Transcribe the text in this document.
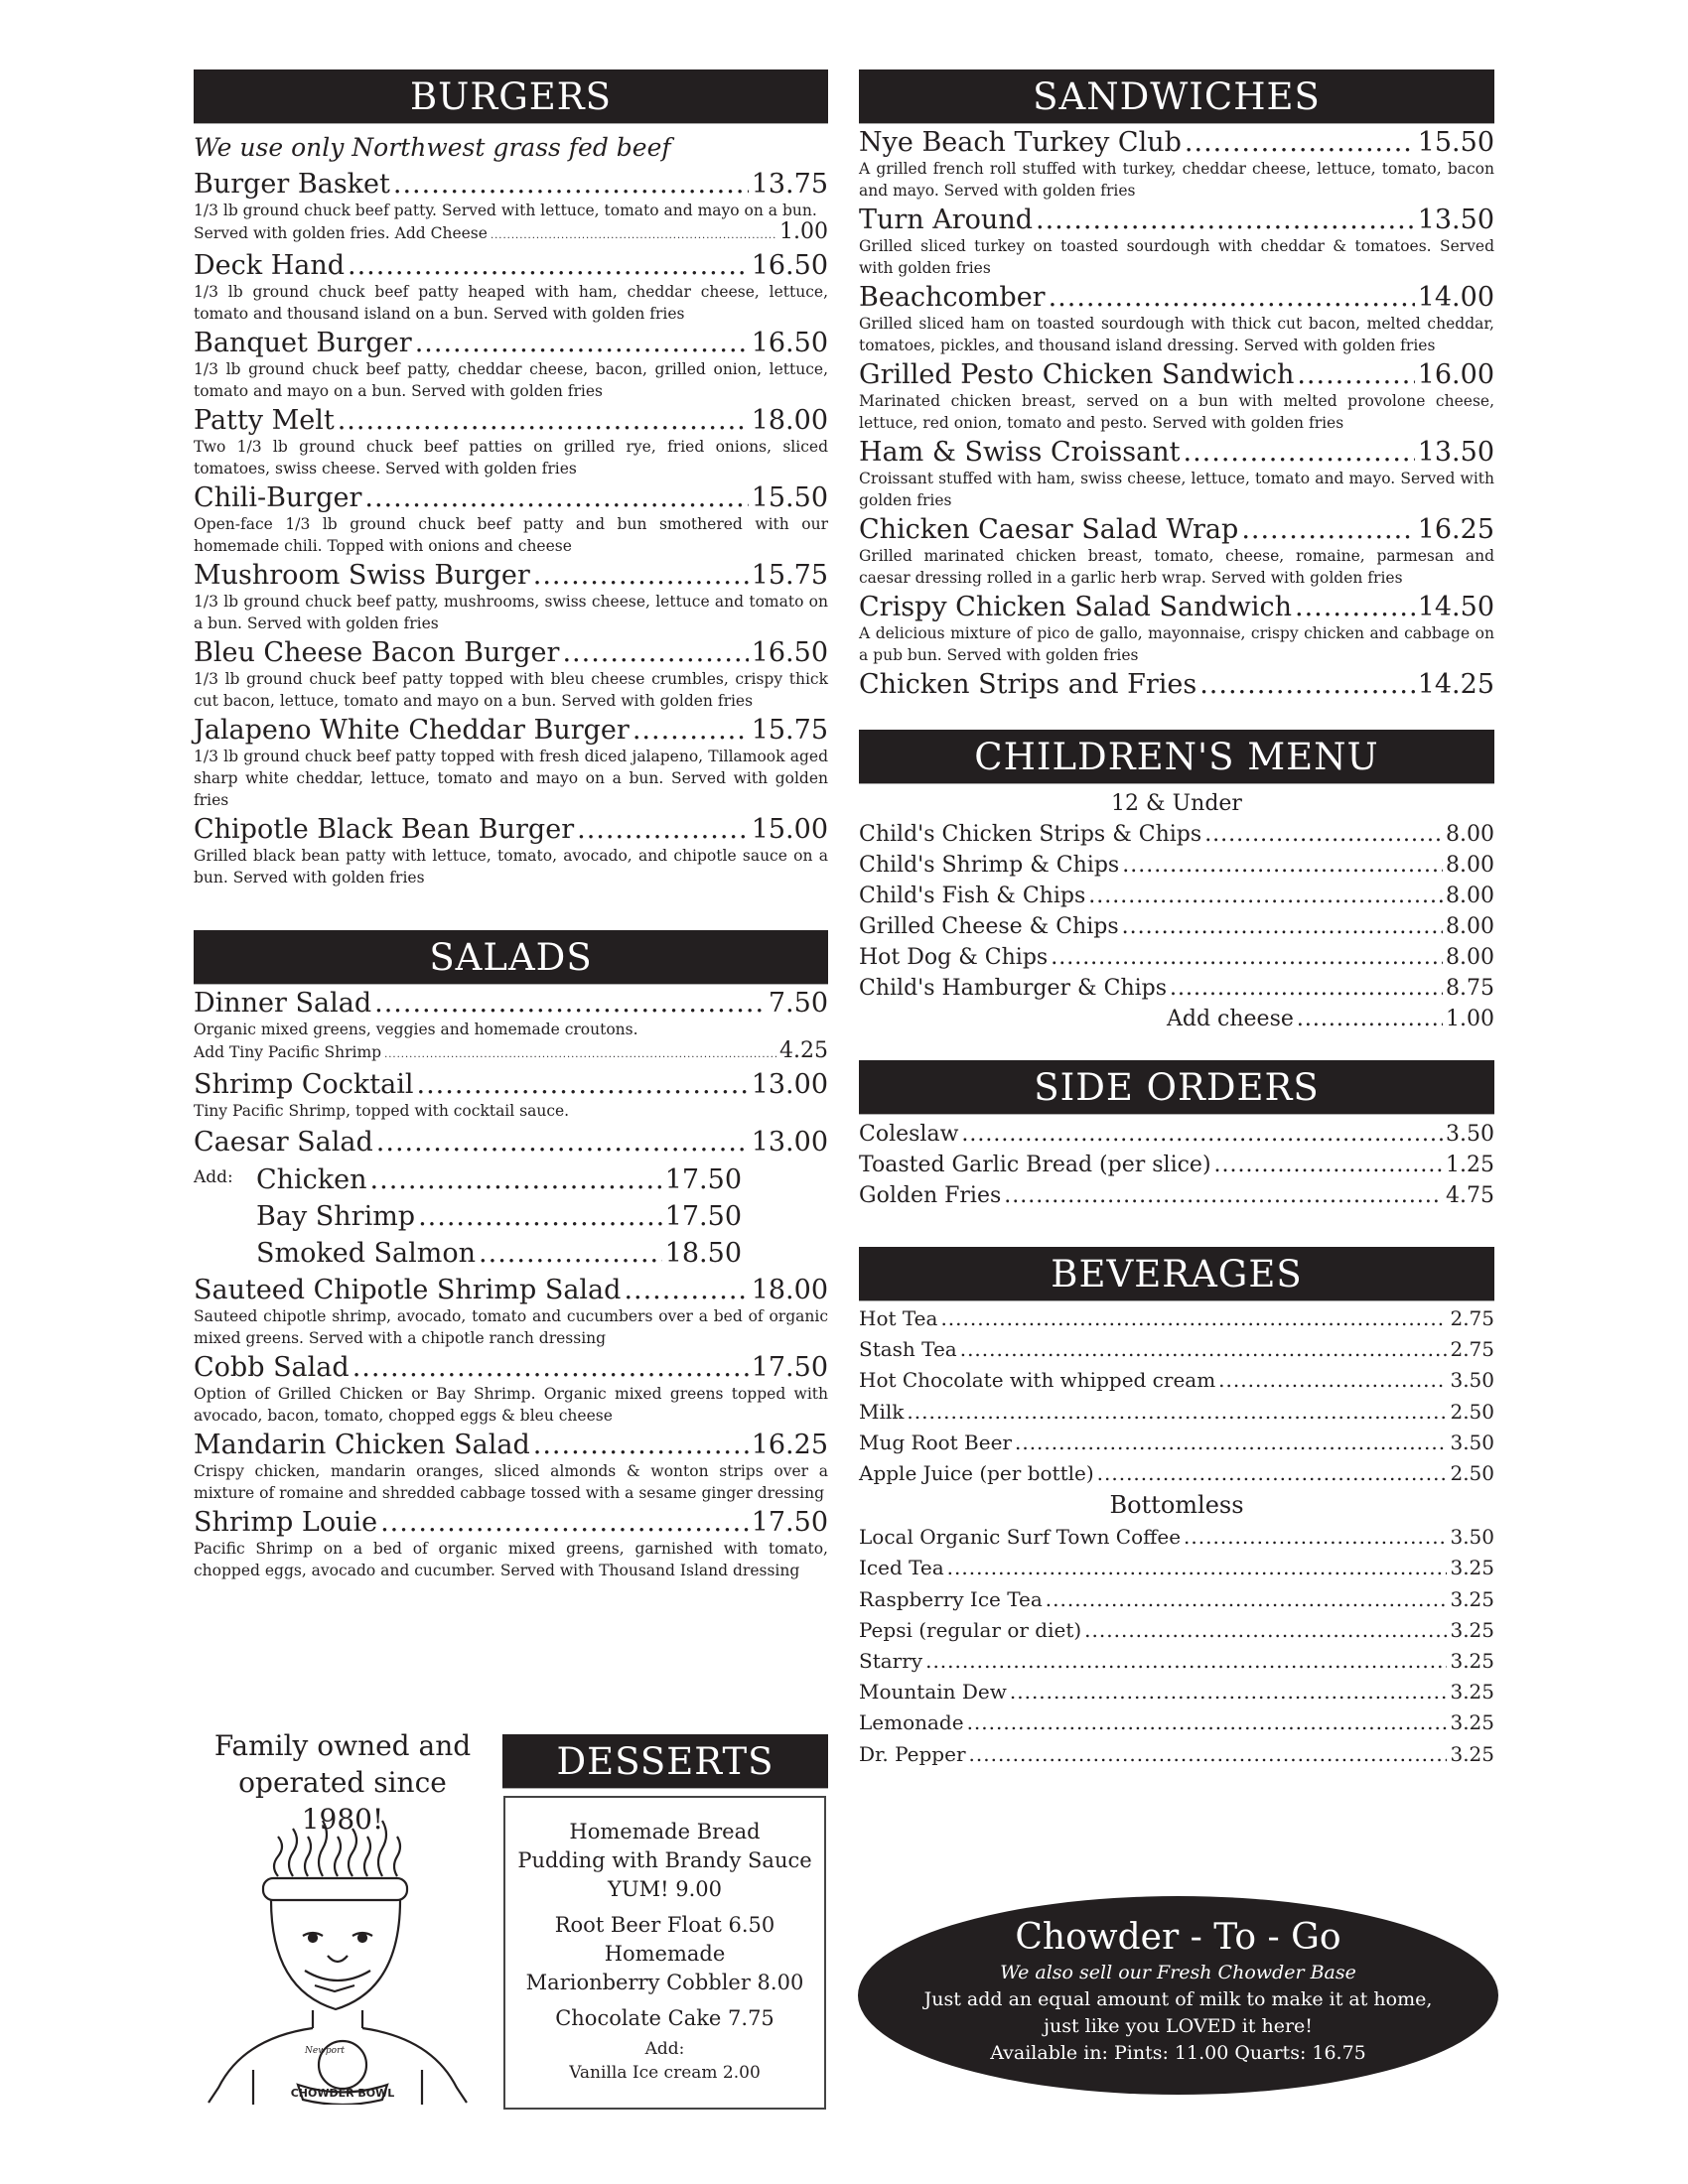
BURGERS
We use only Northwest grass fed beef
Burger Basket .....	13.75
1/3 lb ground chuck beef patty. Served with lettuce, tomato and mayo on a bun.
Served with golden fries. Add Cheese .....	1.00
Deck Hand .....	16.50
1/3 lb ground chuck beef patty heaped with ham, cheddar cheese, lettuce, tomato and thousand island on a bun. Served with golden fries
Banquet Burger .....	16.50
1/3 lb ground chuck beef patty, cheddar cheese, bacon, grilled onion, lettuce, tomato and mayo on a bun. Served with golden fries
Patty Melt .....	18.00
Two 1/3 lb ground chuck beef patties on grilled rye, fried onions, sliced tomatoes, swiss cheese. Served with golden fries
Chili-Burger .....	15.50
Open-face 1/3 lb ground chuck beef patty and bun smothered with our homemade chili. Topped with onions and cheese
Mushroom Swiss Burger .....	15.75
1/3 lb ground chuck beef patty, mushrooms, swiss cheese, lettuce and tomato on a bun. Served with golden fries
Bleu Cheese Bacon Burger .....	16.50
1/3 lb ground chuck beef patty topped with bleu cheese crumbles, crispy thick cut bacon, lettuce, tomato and mayo on a bun. Served with golden fries
Jalapeno White Cheddar Burger .....	15.75
1/3 lb ground chuck beef patty topped with fresh diced jalapeno, Tillamook aged sharp white cheddar, lettuce, tomato and mayo on a bun. Served with golden fries
Chipotle Black Bean Burger .....	15.00
Grilled black bean patty with lettuce, tomato, avocado, and chipotle sauce on a bun. Served with golden fries
SALADS
Dinner Salad .....	7.50
Organic mixed greens, veggies and homemade croutons.
Add Tiny Pacific Shrimp .....	4.25
Shrimp Cocktail .....	13.00
Tiny Pacific Shrimp, topped with cocktail sauce.
Caesar Salad .....	13.00
Add: Chicken .....	17.50
Bay Shrimp .....	17.50
Smoked Salmon .....	18.50
Sauteed Chipotle Shrimp Salad .....	18.00
Sauteed chipotle shrimp, avocado, tomato and cucumbers over a bed of organic mixed greens. Served with a chipotle ranch dressing
Cobb Salad .....	17.50
Option of Grilled Chicken or Bay Shrimp. Organic mixed greens topped with avocado, bacon, tomato, chopped eggs & bleu cheese
Mandarin Chicken Salad .....	16.25
Crispy chicken, mandarin oranges, sliced almonds & wonton strips over a mixture of romaine and shredded cabbage tossed with a sesame ginger dressing
Shrimp Louie .....	17.50
Pacific Shrimp on a bed of organic mixed greens, garnished with tomato, chopped eggs, avocado and cucumber. Served with Thousand Island dressing
Family owned and
operated since 1980!
CHOWDER BOWL
Newport
DESSERTS
Homemade Bread
Pudding with Brandy Sauce
YUM! 9.00
Root Beer Float 6.50
Homemade
Marionberry Cobbler 8.00
Chocolate Cake 7.75
Add:
Vanilla Ice cream 2.00
SANDWICHES
Nye Beach Turkey Club .....	15.50
A grilled french roll stuffed with turkey, cheddar cheese, lettuce, tomato, bacon and mayo. Served with golden fries
Turn Around .....	13.50
Grilled sliced turkey on toasted sourdough with cheddar & tomatoes. Served with golden fries
Beachcomber .....	14.00
Grilled sliced ham on toasted sourdough with thick cut bacon, melted cheddar, tomatoes, pickles, and thousand island dressing. Served with golden fries
Grilled Pesto Chicken Sandwich .....	16.00
Marinated chicken breast, served on a bun with melted provolone cheese, lettuce, red onion, tomato and pesto. Served with golden fries
Ham & Swiss Croissant .....	13.50
Croissant stuffed with ham, swiss cheese, lettuce, tomato and mayo. Served with golden fries
Chicken Caesar Salad Wrap .....	16.25
Grilled marinated chicken breast, tomato, cheese, romaine, parmesan and caesar dressing rolled in a garlic herb wrap. Served with golden fries
Crispy Chicken Salad Sandwich .....	14.50
A delicious mixture of pico de gallo, mayonnaise, crispy chicken and cabbage on a pub bun. Served with golden fries
Chicken Strips and Fries .....	14.25
CHILDREN'S MENU
12 & Under
Child's Chicken Strips & Chips .....	8.00
Child's Shrimp & Chips .....	8.00
Child's Fish & Chips .....	8.00
Grilled Cheese & Chips .....	8.00
Hot Dog & Chips .....	8.00
Child's Hamburger & Chips .....	8.75
Add cheese .....	1.00
SIDE ORDERS
Coleslaw .....	3.50
Toasted Garlic Bread (per slice) .....	1.25
Golden Fries .....	4.75
BEVERAGES
Hot Tea .....	2.75
Stash Tea .....	2.75
Hot Chocolate with whipped cream .....	3.50
Milk .....	2.50
Mug Root Beer .....	3.50
Apple Juice (per bottle) .....	2.50
Bottomless
Local Organic Surf Town Coffee .....	3.50
Iced Tea .....	3.25
Raspberry Ice Tea .....	3.25
Pepsi (regular or diet) .....	3.25
Starry .....	3.25
Mountain Dew .....	3.25
Lemonade .....	3.25
Dr. Pepper .....	3.25
Chowder - To - Go
We also sell our Fresh Chowder Base
Just add an equal amount of milk to make it at home,
just like you LOVED it here!
Available in: Pints: 11.00 Quarts: 16.75
